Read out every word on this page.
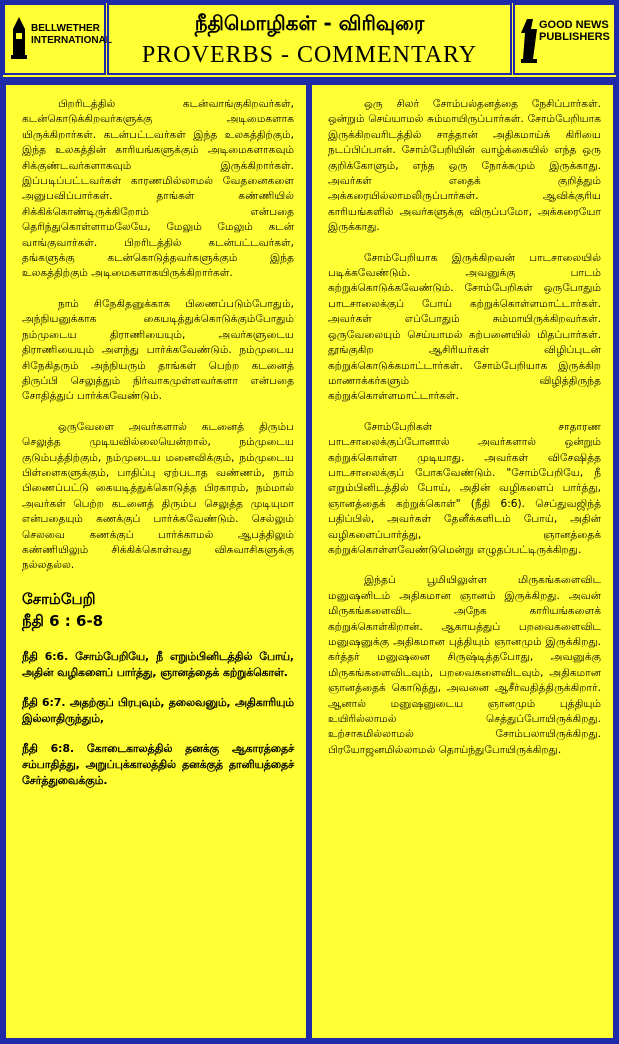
BELLWETHER
INTERNATIONAL
நீதிமொழிகள் - விரிவுரை
PROVERBS - COMMENTARY
GOOD NEWS
PUBLISHERS

பிறரிடத்தில் கடன்வாங்குகிறவர்கள், கடன்கொடுக்கிறவர்களுக்கு அடிமைகளாக யிருக்கிறார்கள். கடன்பட்டவர்கள் இந்த உலகத்திற்கும், இந்த உலகத்தின் காரியங்களுக்கும் அடிமைகளாகவும் சிக்குண்டவர்களாகவும் இருக்கிறார்கள். இப்படிப்பட்டவர்கள் காரணமில்லாமல் வேதனைகளை அனுபவிப்பார்கள். தாங்கள் கண்ணியில் சிக்கிக்கொண்டிருக்கிறோம் என்பதை தெரிந்துகொள்ளாமலேயே, மேலும் மேலும் கடன் வாங்குவார்கள். பிறரிடத்தில் கடன்பட்டவர்கள், தங்களுக்கு கடன்கொடுத்தவர்களுக்கும் இந்த உலகத்திற்கும் அடிமைகளாகயிருக்கிறார்கள்.

நாம் சிநேகிதனுக்காக பிணைப்படும்போதும், அந்நியனுக்காக கையடித்துக்கொடுக்கும்போதும் நம்முடைய திராணியையும், அவர்களுடைய திராணியையும் அளந்து பார்க்கவேண்டும். நம்முடைய சிநேகிதரும் அந்நியரும் தாங்கள் பெற்ற கடனைத் திருப்பி செலுத்தும் நிர்வாகமுள்ளவர்களா என்பதை சோதித்துப் பார்க்கவேண்டும்.

ஒருவேளை அவர்களால் கடனைத் திரும்ப செலுத்த முடியவில்லையென்றால், நம்முடைய குடும்பத்திற்கும், நம்முடைய மனைவிக்கும், நம்முடைய பிள்ளைகளுக்கும், பாதிப்பு ஏற்படாத வண்ணம், நாம் பிணைப்பட்டு கையடித்துக்கொடுத்த பிரகாரம், நம்மால் அவர்கள் பெற்ற கடனைத் திரும்ப செலுத்த முடியுமா என்பதையும் கணக்குப் பார்க்கவேண்டும். செல்லும் செலவை கணக்குப் பார்க்காமல் ஆபத்திலும் கண்ணியிலும் சிக்கிக்கொள்வது விசுவாசிகளுக்கு நல்லதல்ல.

சோம்பேறி
நீதி 6 : 6-8

நீதி 6:6. சோம்பேறியே, நீ எறும்பினிடத்தில் போய், அதின் வழிகளைப் பார்த்து, ஞானத்தைக் கற்றுக்கொள்.

நீதி 6:7. அதற்குப் பிரபுவும், தலைவனும், அதிகாரியும் இல்லாதிருந்தும்,

நீதி 6:8. கோடைகாலத்தில் தனக்கு ஆகாரத்தைச் சம்பாதித்து, அறுப்புக்காலத்தில் தனக்குத் தானியத்தைச் சேர்த்துவைக்கும்.

ஒரு சிலர் சோம்பல்தனத்தை நேசிப்பார்கள். ஒன்றும் செய்யாமல் சும்மாயிருப்பார்கள். சோம்பேறியாக இருக்கிறவரிடத்தில் சாத்தான் அதிகமாய்க் கிரியை நடப்பிப்பான். சோம்பேறியின் வாழ்க்கையில் எந்த ஒரு குறிக்கோளும், எந்த ஒரு நோக்கமும் இருக்காது. அவர்கள் எதைக் குறித்தும் அக்கரையில்லாமலிருப்பார்கள். ஆவிக்குரிய காரியங்களில் அவர்களுக்கு விருப்பமோ, அக்கரையோ இருக்காது.

சோம்பேறியாக இருக்கிறவன் பாடசாலையில் படிக்கவேண்டும். அவனுக்கு பாடம் கற்றுக்கொடுக்கவேண்டும். சோம்பேறிகள் ஒருபோதும் பாடசாலைக்குப் போய் கற்றுக்கொள்ளமாட்டார்கள். அவர்கள் எப்போதும் சும்மாயிருக்கிறவர்கள். ஒருவேலையும் செய்யாமல் கற்பனையில் மிதப்பார்கள். தூங்குகிற ஆசிரியர்கள் விழிப்புடன் கற்றுக்கொடுக்கமாட்டார்கள். சோம்பேறியாக இருக்கிற மாணாக்கர்களும் விழித்திருந்த கற்றுக்கொள்ளமாட்டார்கள்.

சோம்பேறிகள் சாதாரண பாடசாலைக்குப்போனால் அவர்களால் ஒன்றும் கற்றுக்கொள்ள முடியாது. அவர்கள் விசேஷித்த பாடசாலைக்குப் போகவேண்டும். "சோம்பேறியே, நீ எறும்பினிடத்தில் போய், அதின் வழிகளைப் பார்த்து, ஞானத்தைக் கற்றுக்கொள்" (நீதி 6:6). செப்துவஜிந்த் பதிப்பில், அவர்கள் தேனீக்களிடம் போய், அதின் வழிகளைப்பார்த்து, ஞானத்தைக் கற்றுக்கொள்ளவேண்டுமென்று எழுதப்பட்டிருக்கிறது.

இந்தப் பூமியிலுள்ள மிருகங்களைவிட மனுஷனிடம் அதிகமான ஞானம் இருக்கிறது. அவன் மிருகங்களைவிட அநேக காரியங்களைக் கற்றுக்கொள்கிறான். ஆகாயத்துப் பறவைகளைவிட மனுஷனுக்கு அதிகமான புத்தியும் ஞானமும் இருக்கிறது. கர்த்தர் மனுஷனை சிருஷ்டித்தபோது, அவனுக்கு மிருகங்களைவிடவும், பறவைகளைவிடவும், அதிகமான ஞானத்தைக் கொடுத்து, அவனை ஆசீர்வதித்திருக்கிறார். ஆனால் மனுஷனுடைய ஞானமும் புத்தியும் உயிரில்லாமல் செத்துப்போயிருக்கிறது. உற்சாகமில்லாமல் சோம்பலாயிருக்கிறது. பிரயோஜனமில்லாமல் தொய்ந்துபோயிருக்கிறது.
